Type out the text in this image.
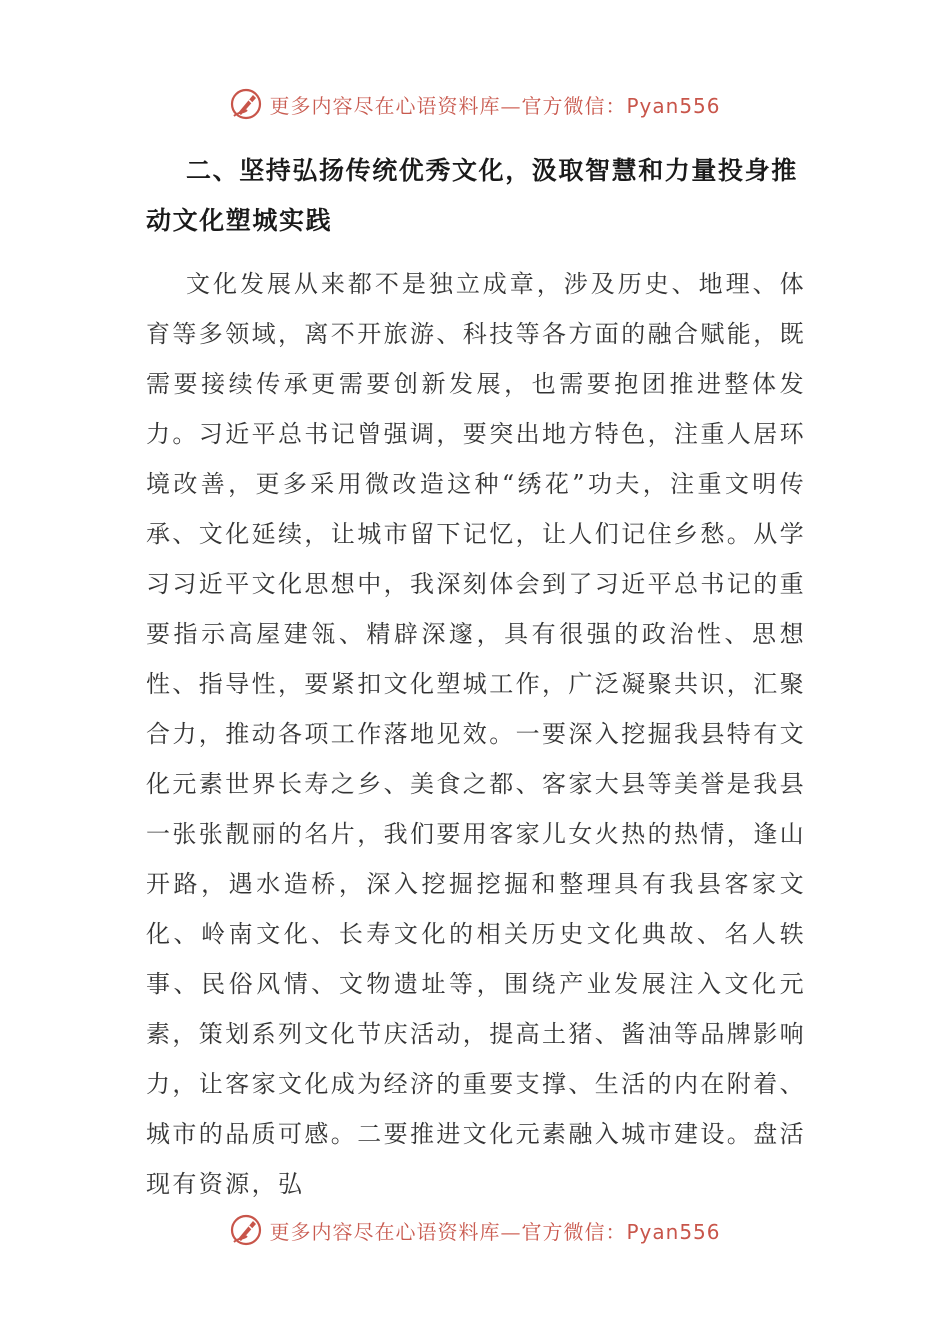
更多内容尽在心语资料库—官方微信：Pyan556
二、坚持弘扬传统优秀文化，汲取智慧和力量投身推动文化塑城实践

文化发展从来都不是独立成章，涉及历史、地理、体育等多领域，离不开旅游、科技等各方面的融合赋能，既需要接续传承更需要创新发展，也需要抱团推进整体发力。习近平总书记曾强调，要突出地方特色，注重人居环境改善，更多采用微改造这种“绣花”功夫，注重文明传承、文化延续，让城市留下记忆，让人们记住乡愁。从学习习近平文化思想中，我深刻体会到了习近平总书记的重要指示高屋建瓴、精辟深邃，具有很强的政治性、思想性、指导性，要紧扣文化塑城工作，广泛凝聚共识，汇聚合力，推动各项工作落地见效。一要深入挖掘我县特有文化元素世界长寿之乡、美食之都、客家大县等美誉是我县一张张靓丽的名片，我们要用客家儿女火热的热情，逢山开路，遇水造桥，深入挖掘挖掘和整理具有我县客家文化、岭南文化、长寿文化的相关历史文化典故、名人轶事、民俗风情、文物遗址等，围绕产业发展注入文化元素，策划系列文化节庆活动，提高土猪、酱油等品牌影响力，让客家文化成为经济的重要支撑、生活的内在附着、城市的品质可感。二要推进文化元素融入城市建设。盘活现有资源，弘

更多内容尽在心语资料库—官方微信：Pyan556
